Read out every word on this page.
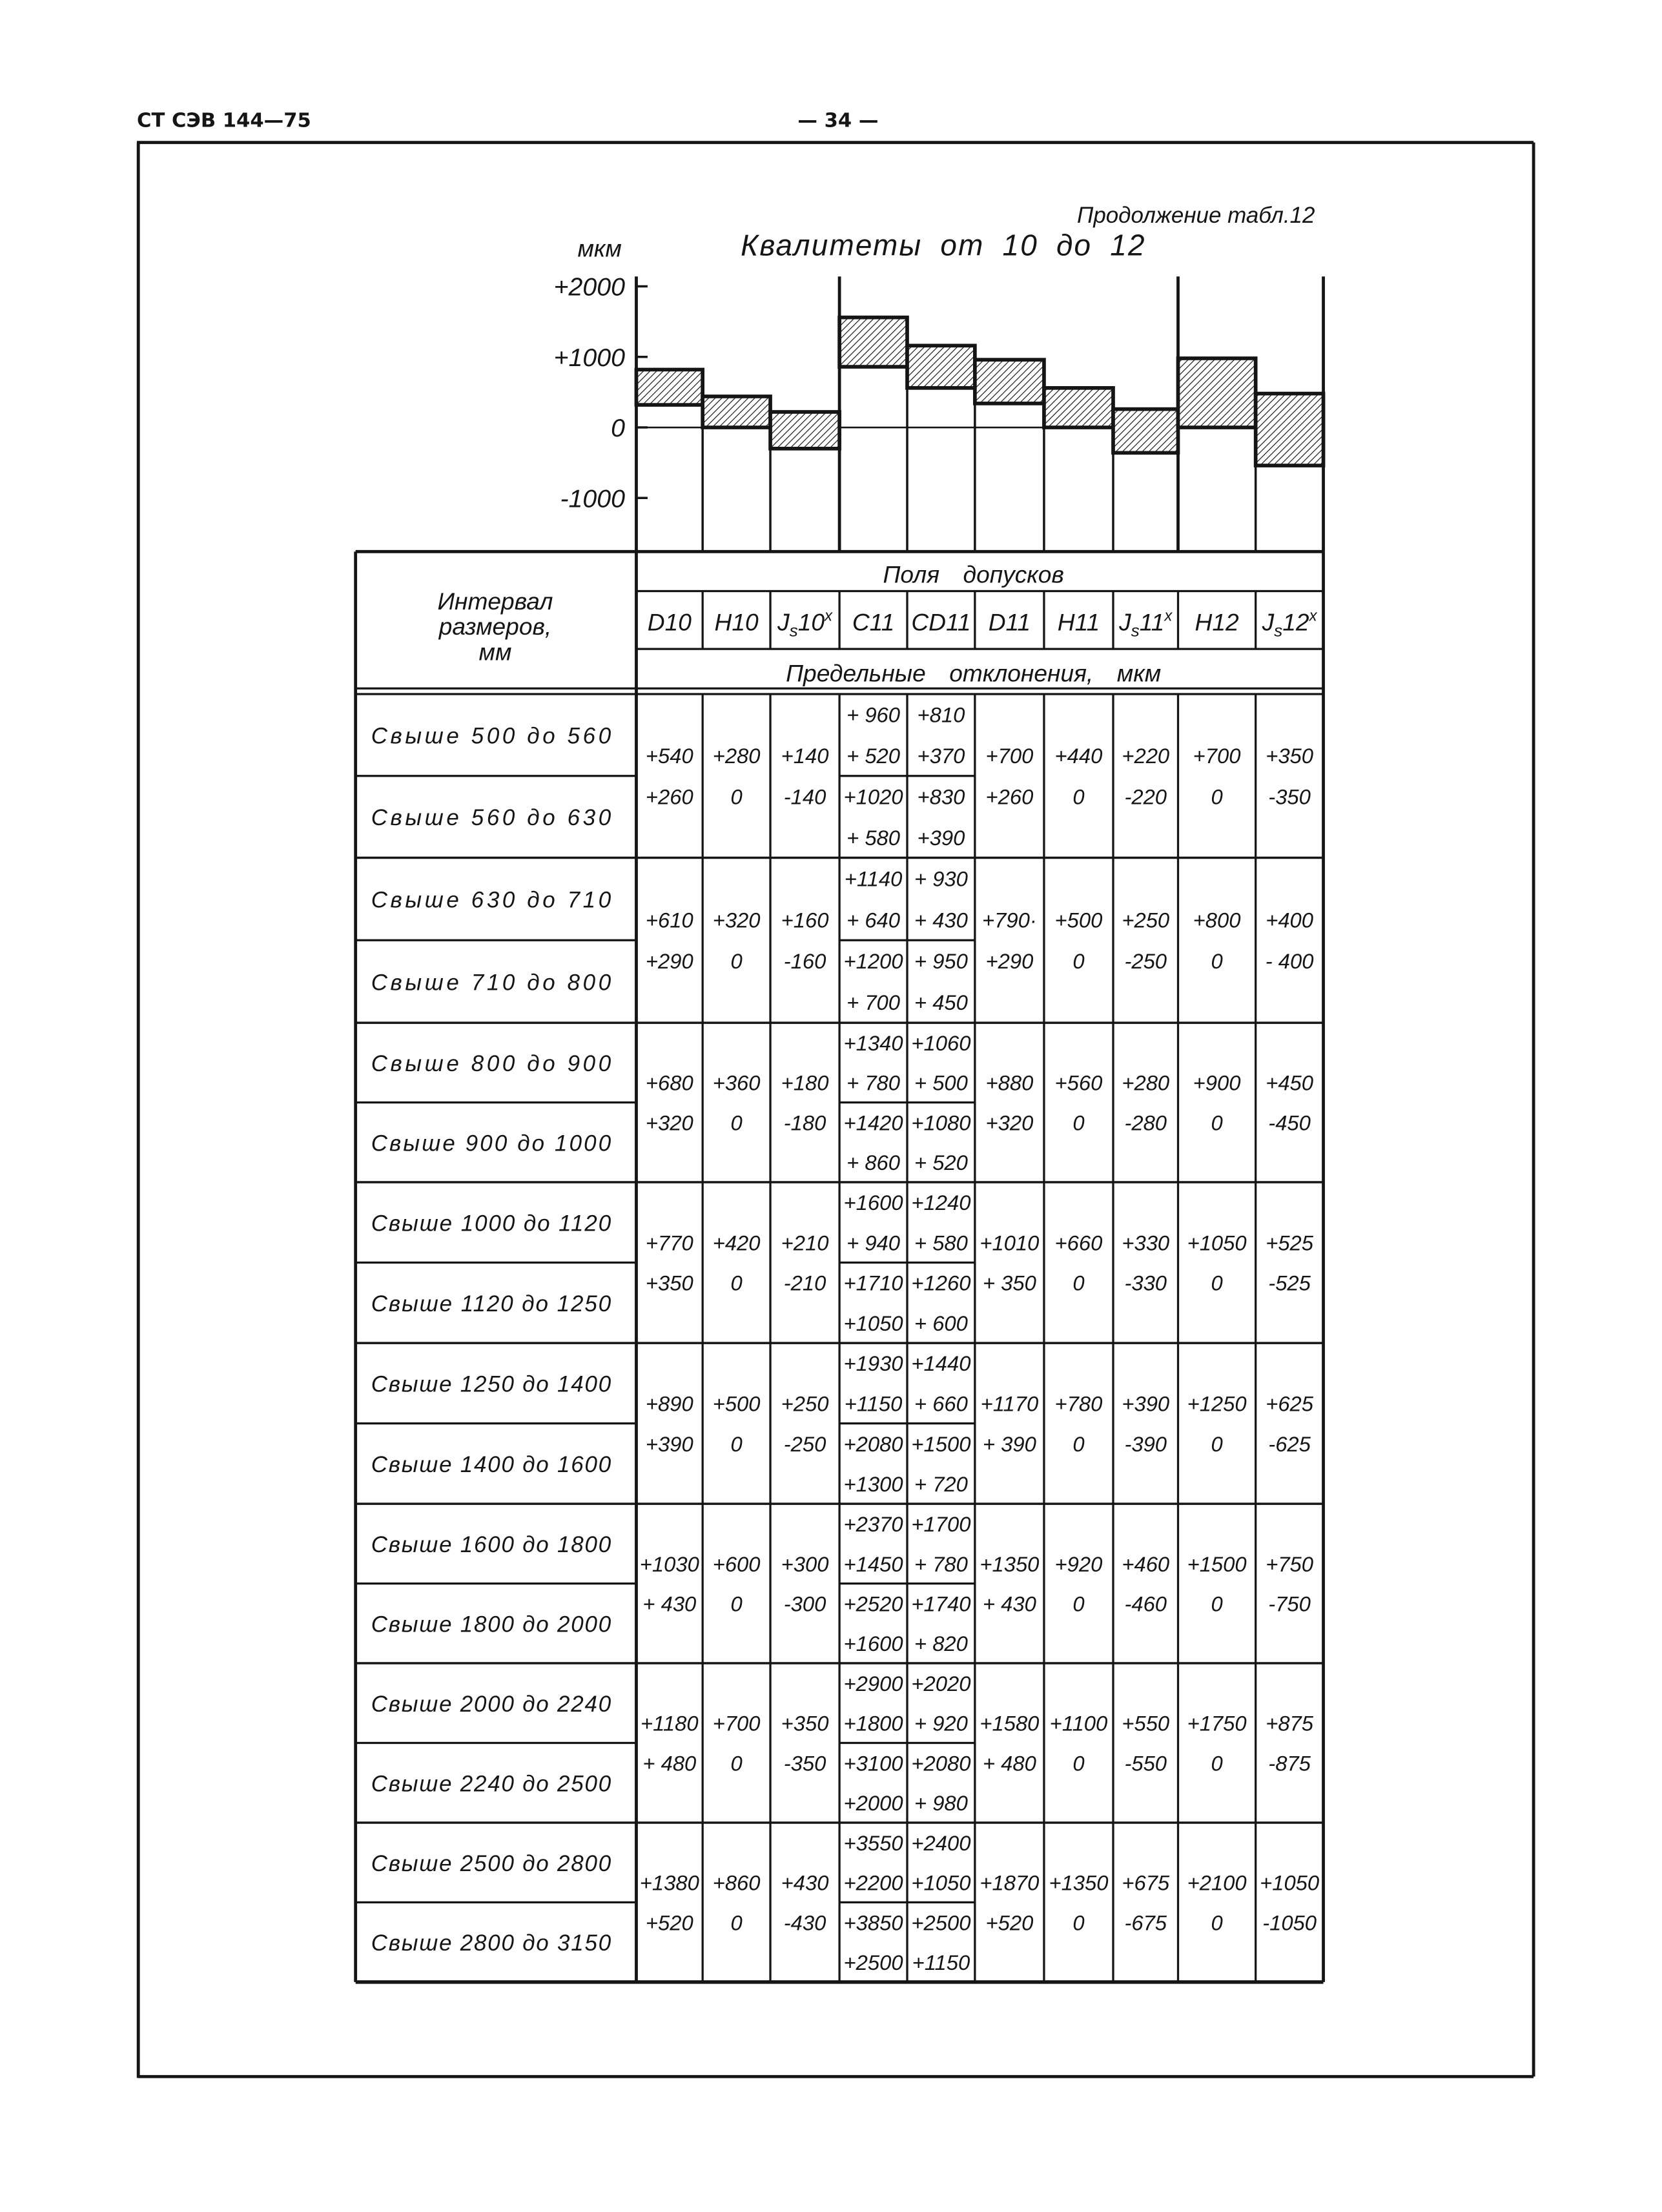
СТ СЭВ 144—75	— 34 —
Продолжение табл.12
мкм	Квалитеты от 10 до 12
+2000
+1000
0
-1000
Интервал
размеров,
мм
Поля допусков
Предельные отклонения, мкм
D10 H10 $J_s10^x$ C11 CD11 D11 H11 $J_s11^x$ H12 $J_s12^x$
Свыше 500 до 560
Свыше 560 до 630
+540
+260
+280
0
+140
-140
+ 960
+ 520
+1020
+ 580
+810
+370
+830
+390
+700
+260
+440
0
+220
-220
+700
0
+350
-350
Свыше 630 до 710
Свыше 710 до 800
+610
+290
+320
0
+160
-160
+1140
+ 640
+1200
+ 700
+ 930
+ 430
+ 950
+ 450
+790·
+290
+500
0
+250
-250
+800
0
+400
- 400
Свыше 800 до 900
Свыше 900 до 1000
+680
+320
+360
0
+180
-180
+1340
+ 780
+1420
+ 860
+1060
+ 500
+1080
+ 520
+880
+320
+560
0
+280
-280
+900
0
+450
-450
Свыше 1000 до 1120
Свыше 1120 до 1250
+770
+350
+420
0
+210
-210
+1600
+ 940
+1710
+1050
+1240
+ 580
+1260
+ 600
+1010
+ 350
+660
0
+330
-330
+1050
0
+525
-525
Свыше 1250 до 1400
Свыше 1400 до 1600
+890
+390
+500
0
+250
-250
+1930
+1150
+2080
+1300
+1440
+ 660
+1500
+ 720
+1170
+ 390
+780
0
+390
-390
+1250
0
+625
-625
Свыше 1600 до 1800
Свыше 1800 до 2000
+1030
+ 430
+600
0
+300
-300
+2370
+1450
+2520
+1600
+1700
+ 780
+1740
+ 820
+1350
+ 430
+920
0
+460
-460
+1500
0
+750
-750
Свыше 2000 до 2240
Свыше 2240 до 2500
+1180
+ 480
+700
0
+350
-350
+2900
+1800
+3100
+2000
+2020
+ 920
+2080
+ 980
+1580
+ 480
+1100
0
+550
-550
+1750
0
+875
-875
Свыше 2500 до 2800
Свыше 2800 до 3150
+1380
+520
+860
0
+430
-430
+3550
+2200
+3850
+2500
+2400
+1050
+2500
+1150
+1870
+520
+1350
0
+675
-675
+2100
0
+1050
-1050
